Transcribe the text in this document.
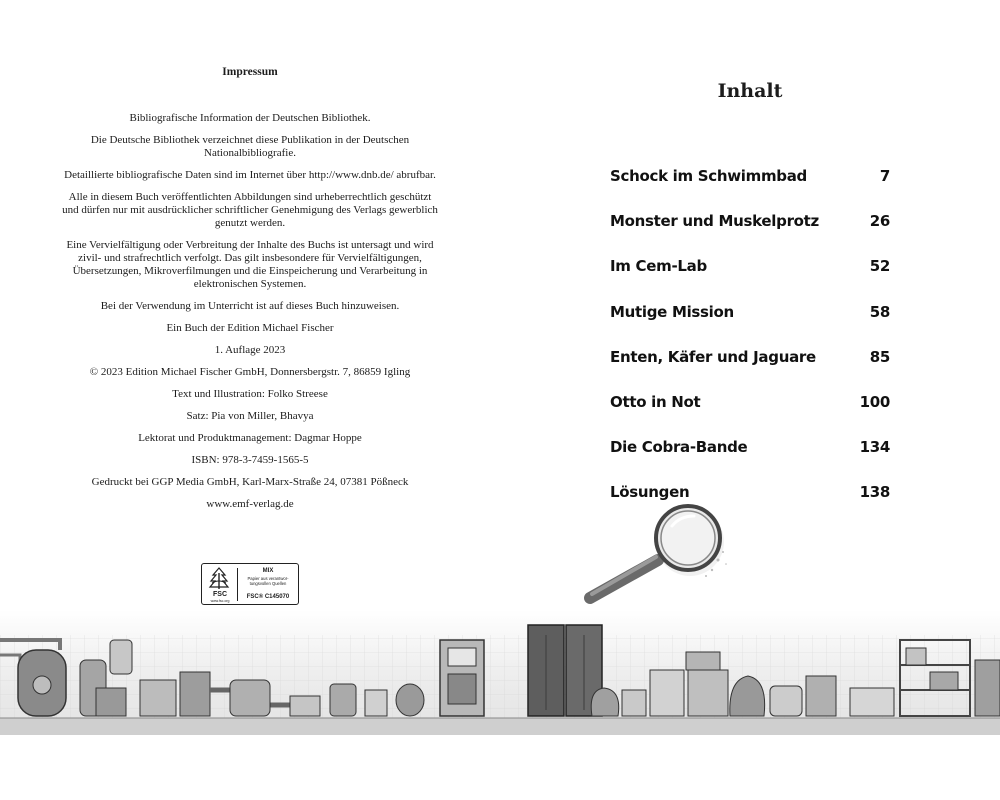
Impressum

Bibliografische Information der Deutschen Bibliothek.

Die Deutsche Bibliothek verzeichnet diese Publikation in der Deutschen Nationalbibliografie.

Detaillierte bibliografische Daten sind im Internet über http://www.dnb.de/ abrufbar.

Alle in diesem Buch veröffentlichten Abbildungen sind urheberrechtlich geschützt und dürfen nur mit ausdrücklicher schriftlicher Genehmigung des Verlags gewerblich genutzt werden.

Eine Vervielfältigung oder Verbreitung der Inhalte des Buchs ist untersagt und wird zivil- und strafrechtlich verfolgt. Das gilt insbesondere für Vervielfältigungen, Übersetzungen, Mikroverfilmungen und die Einspeicherung und Verarbeitung in elektronischen Systemen.

Bei der Verwendung im Unterricht ist auf dieses Buch hinzuweisen.

Ein Buch der Edition Michael Fischer

1. Auflage 2023

© 2023 Edition Michael Fischer GmbH, Donnersbergstr. 7, 86859 Igling

Text und Illustration: Folko Streese

Satz: Pia von Miller, Bhavya

Lektorat und Produktmanagement: Dagmar Hoppe

ISBN: 978-3-7459-1565-5

Gedruckt bei GGP Media GmbH, Karl-Marx-Straße 24, 07381 Pößneck

www.emf-verlag.de

FSC
www.fsc.org
MIX
Papier aus verantwor- tungsvollen Quellen
FSC® C145070
Inhalt
Schock im Schwimmbad	7
Monster und Muskelprotz	26
Im Cem-Lab	52
Mutige Mission	58
Enten, Käfer und Jaguare	85
Otto in Not	100
Die Cobra-Bande	134
Lösungen	138
